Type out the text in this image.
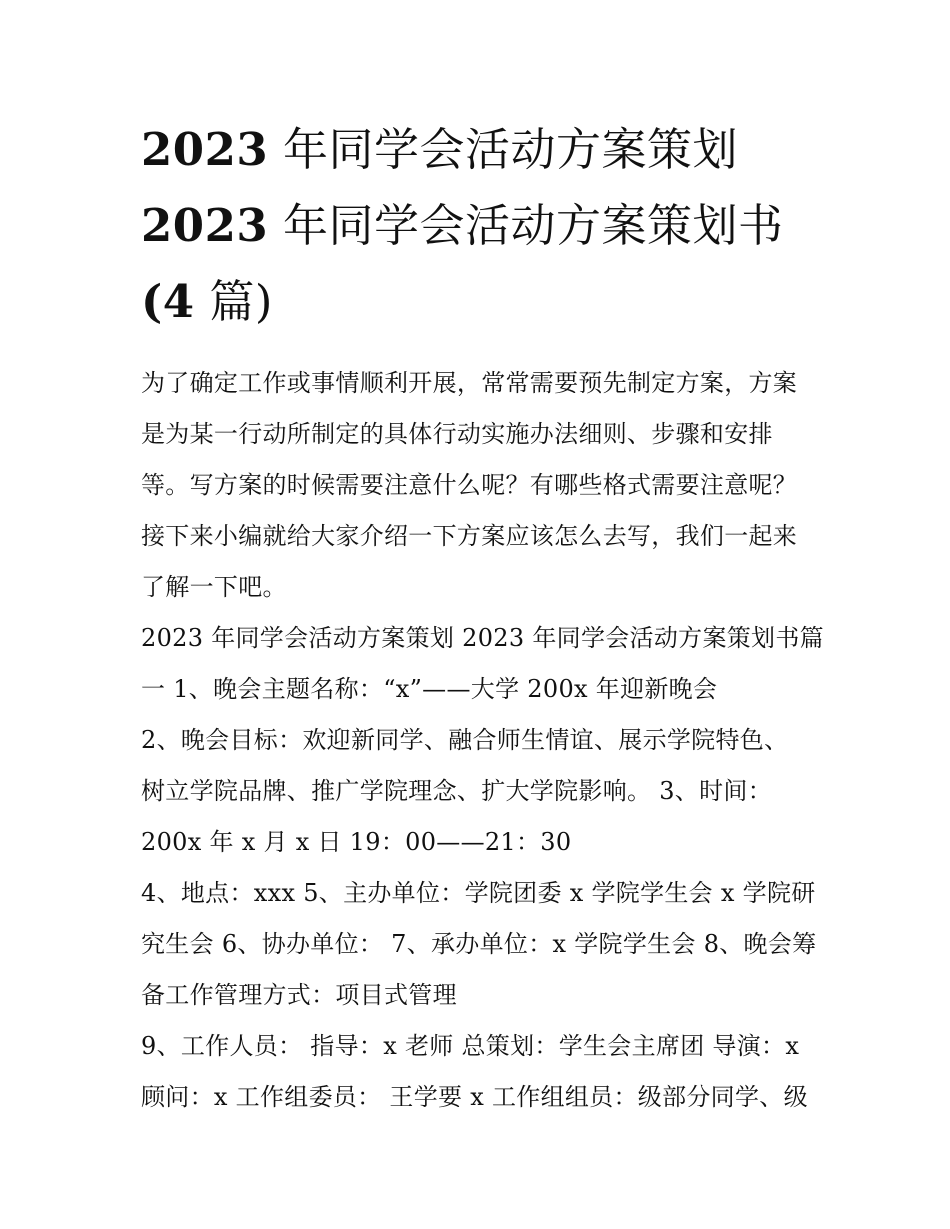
2023 年同学会活动方案策划
2023 年同学会活动方案策划书
(4 篇)

为了确定工作或事情顺利开展，常常需要预先制定方案，方案
是为某一行动所制定的具体行动实施办法细则、步骤和安排
等。写方案的时候需要注意什么呢？有哪些格式需要注意呢？
接下来小编就给大家介绍一下方案应该怎么去写，我们一起来
了解一下吧。

2023 年同学会活动方案策划 2023 年同学会活动方案策划书篇
一 1、晚会主题名称：“x”——大学 200x 年迎新晚会

2、晚会目标：欢迎新同学、融合师生情谊、展示学院特色、
树立学院品牌、推广学院理念、扩大学院影响。 3、时间：
200x 年 x 月 x 日 19：00——21：30

4、地点：xxx 5、主办单位：学院团委 x 学院学生会 x 学院研
究生会 6、协办单位： 7、承办单位：x 学院学生会 8、晚会筹
备工作管理方式：项目式管理

9、工作人员： 指导：x 老师 总策划：学生会主席团 导演：x
顾问：x 工作组委员： 王学要 x 工作组组员：级部分同学、级
